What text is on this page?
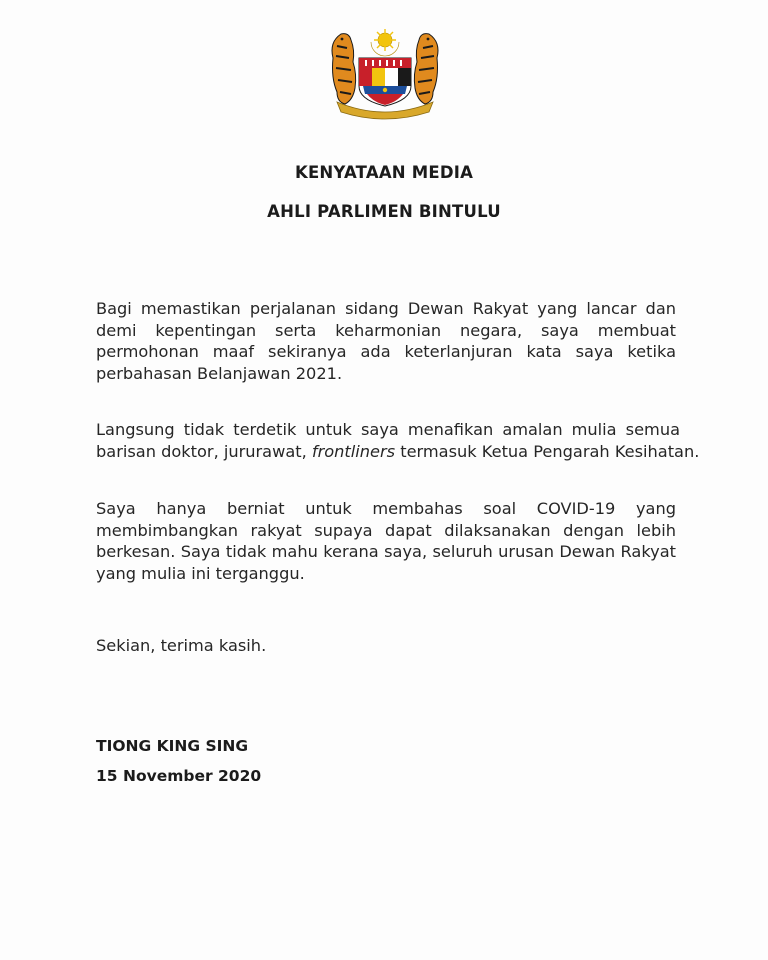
KENYATAAN MEDIA
AHLI PARLIMEN BINTULU
Bagi memastikan perjalanan sidang Dewan Rakyat yang lancar dan
demi kepentingan serta keharmonian negara, saya membuat
permohonan maaf sekiranya ada keterlanjuran kata saya ketika
perbahasan Belanjawan 2021.
Langsung tidak terdetik untuk saya menafikan amalan mulia semua
barisan doktor, jururawat, frontliners termasuk Ketua Pengarah Kesihatan.
Saya hanya berniat untuk membahas soal COVID-19 yang
membimbangkan rakyat supaya dapat dilaksanakan dengan lebih
berkesan. Saya tidak mahu kerana saya, seluruh urusan Dewan Rakyat
yang mulia ini terganggu.
Sekian, terima kasih.
TIONG KING SING
15 November 2020
